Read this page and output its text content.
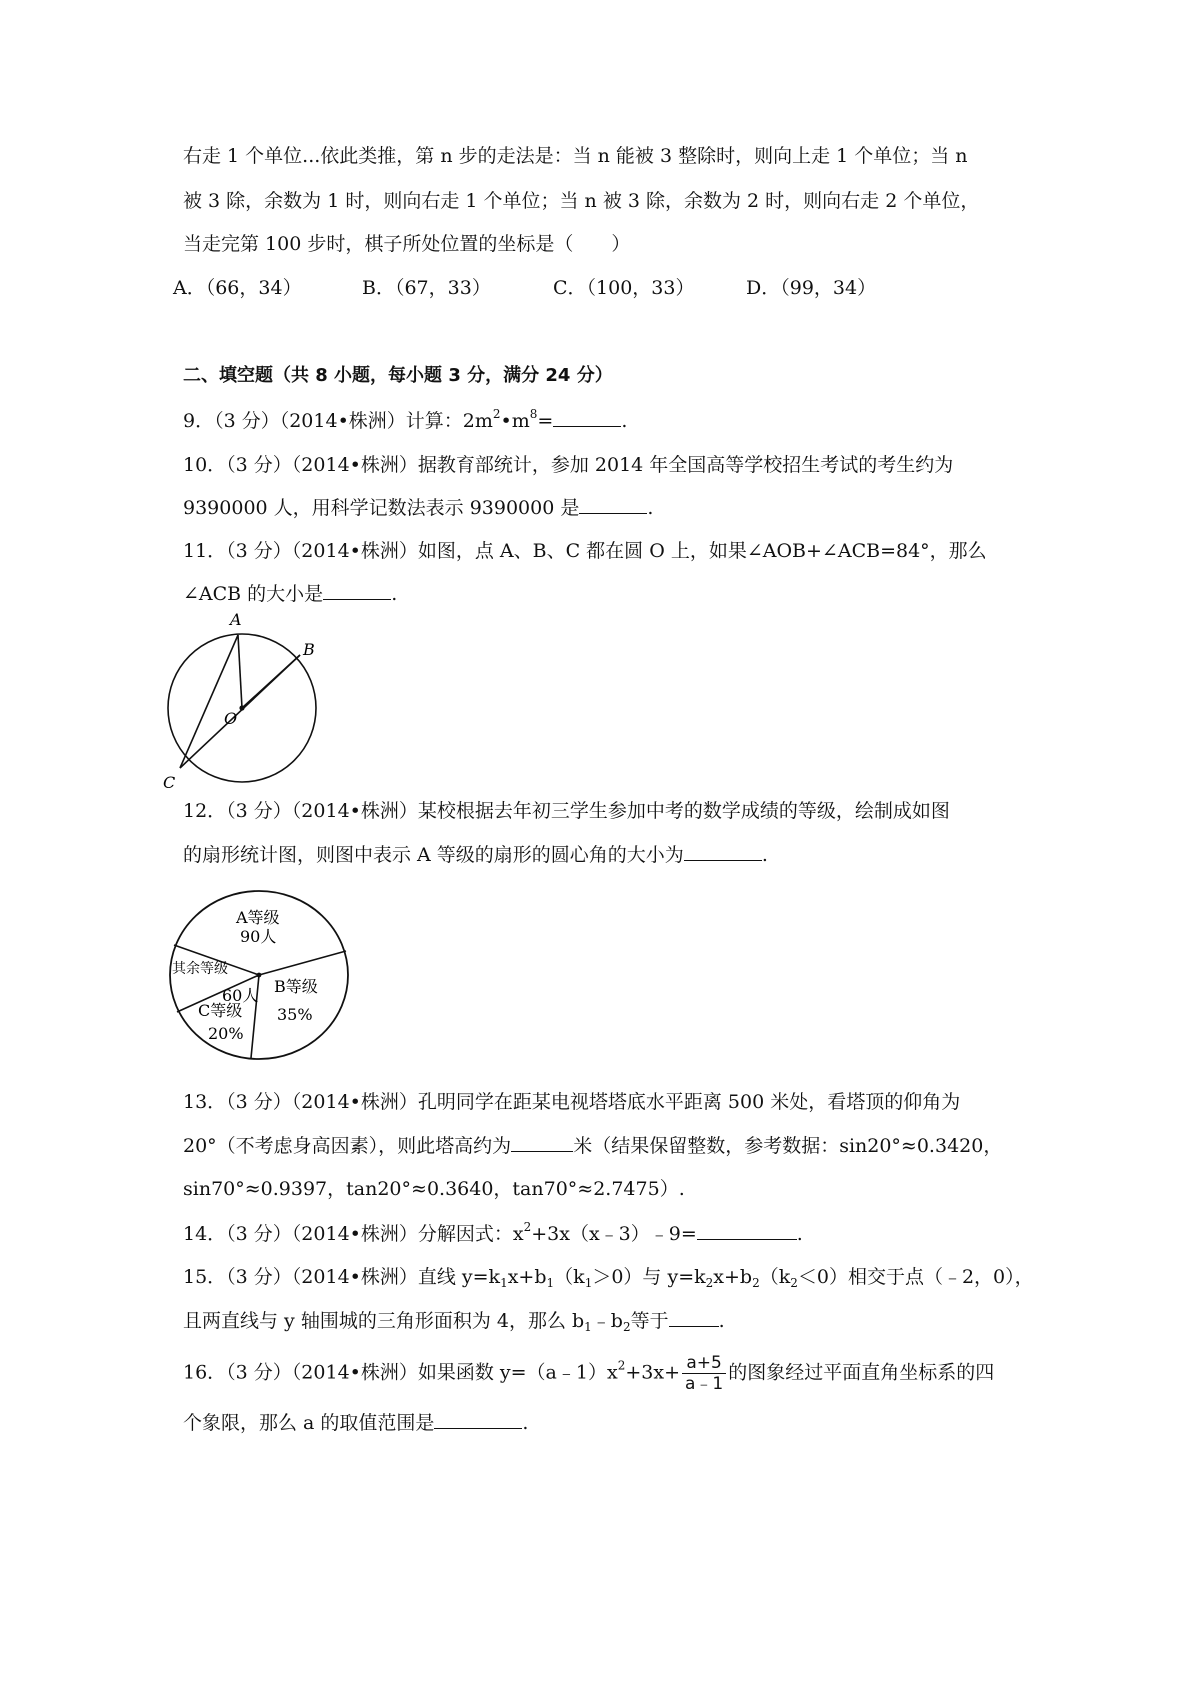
右走 1 个单位...依此类推，第 n 步的走法是：当 n 能被 3 整除时，则向上走 1 个单位；当 n
被 3 除，余数为 1 时，则向右走 1 个单位；当 n 被 3 除，余数为 2 时，则向右走 2 个单位，
当走完第 100 步时，棋子所处位置的坐标是（　　）
A．（66，34）	B．（67，33）	C．（100，33）	D．（99，34）
二、填空题（共 8 小题，每小题 3 分，满分 24 分）
9．（3 分）（2014•株洲）计算：$2m^2•m^8=$	.
10．（3 分）（2014•株洲）据教育部统计，参加 2014 年全国高等学校招生考试的考生约为
9390000 人，用科学记数法表示 9390000 是	.
11．（3 分）（2014•株洲）如图，点 A、B、C 都在圆 O 上，如果∠AOB+∠ACB=84°，那么
∠ACB 的大小是	.
A
B
C
O
12．（3 分）（2014•株洲）某校根据去年初三学生参加中考的数学成绩的等级，绘制成如图
的扇形统计图，则图中表示 A 等级的扇形的圆心角的大小为	.
A等级
90人
其余等级
60人 B等级
35%
C等级
20%
13．（3 分）（2014•株洲）孔明同学在距某电视塔塔底水平距离 500 米处，看塔顶的仰角为
20°（不考虑身高因素），则此塔高约为	米（结果保留整数，参考数据：sin20°≈0.3420，
sin70°≈0.9397，tan20°≈0.3640，tan70°≈2.7475）.
14．（3 分）（2014•株洲）分解因式：$x^2+3x(x﹣3)﹣9=$	.
15．（3 分）（2014•株洲）直线 $y=k_1x+b_1(k_1>0)$与 $y=k_2x+b_2(k_2<0)$相交于点（﹣2，0），
且两直线与 y 轴围城的三角形面积为 4，那么 $b_1﹣b_2$等于	.
16．（3 分）（2014•株洲）如果函数 $y=(a﹣1)x^2+3x+ \frac{a+5}{a﹣1}$ 的图象经过平面直角坐标系的四
个象限，那么 a 的取值范围是	.
